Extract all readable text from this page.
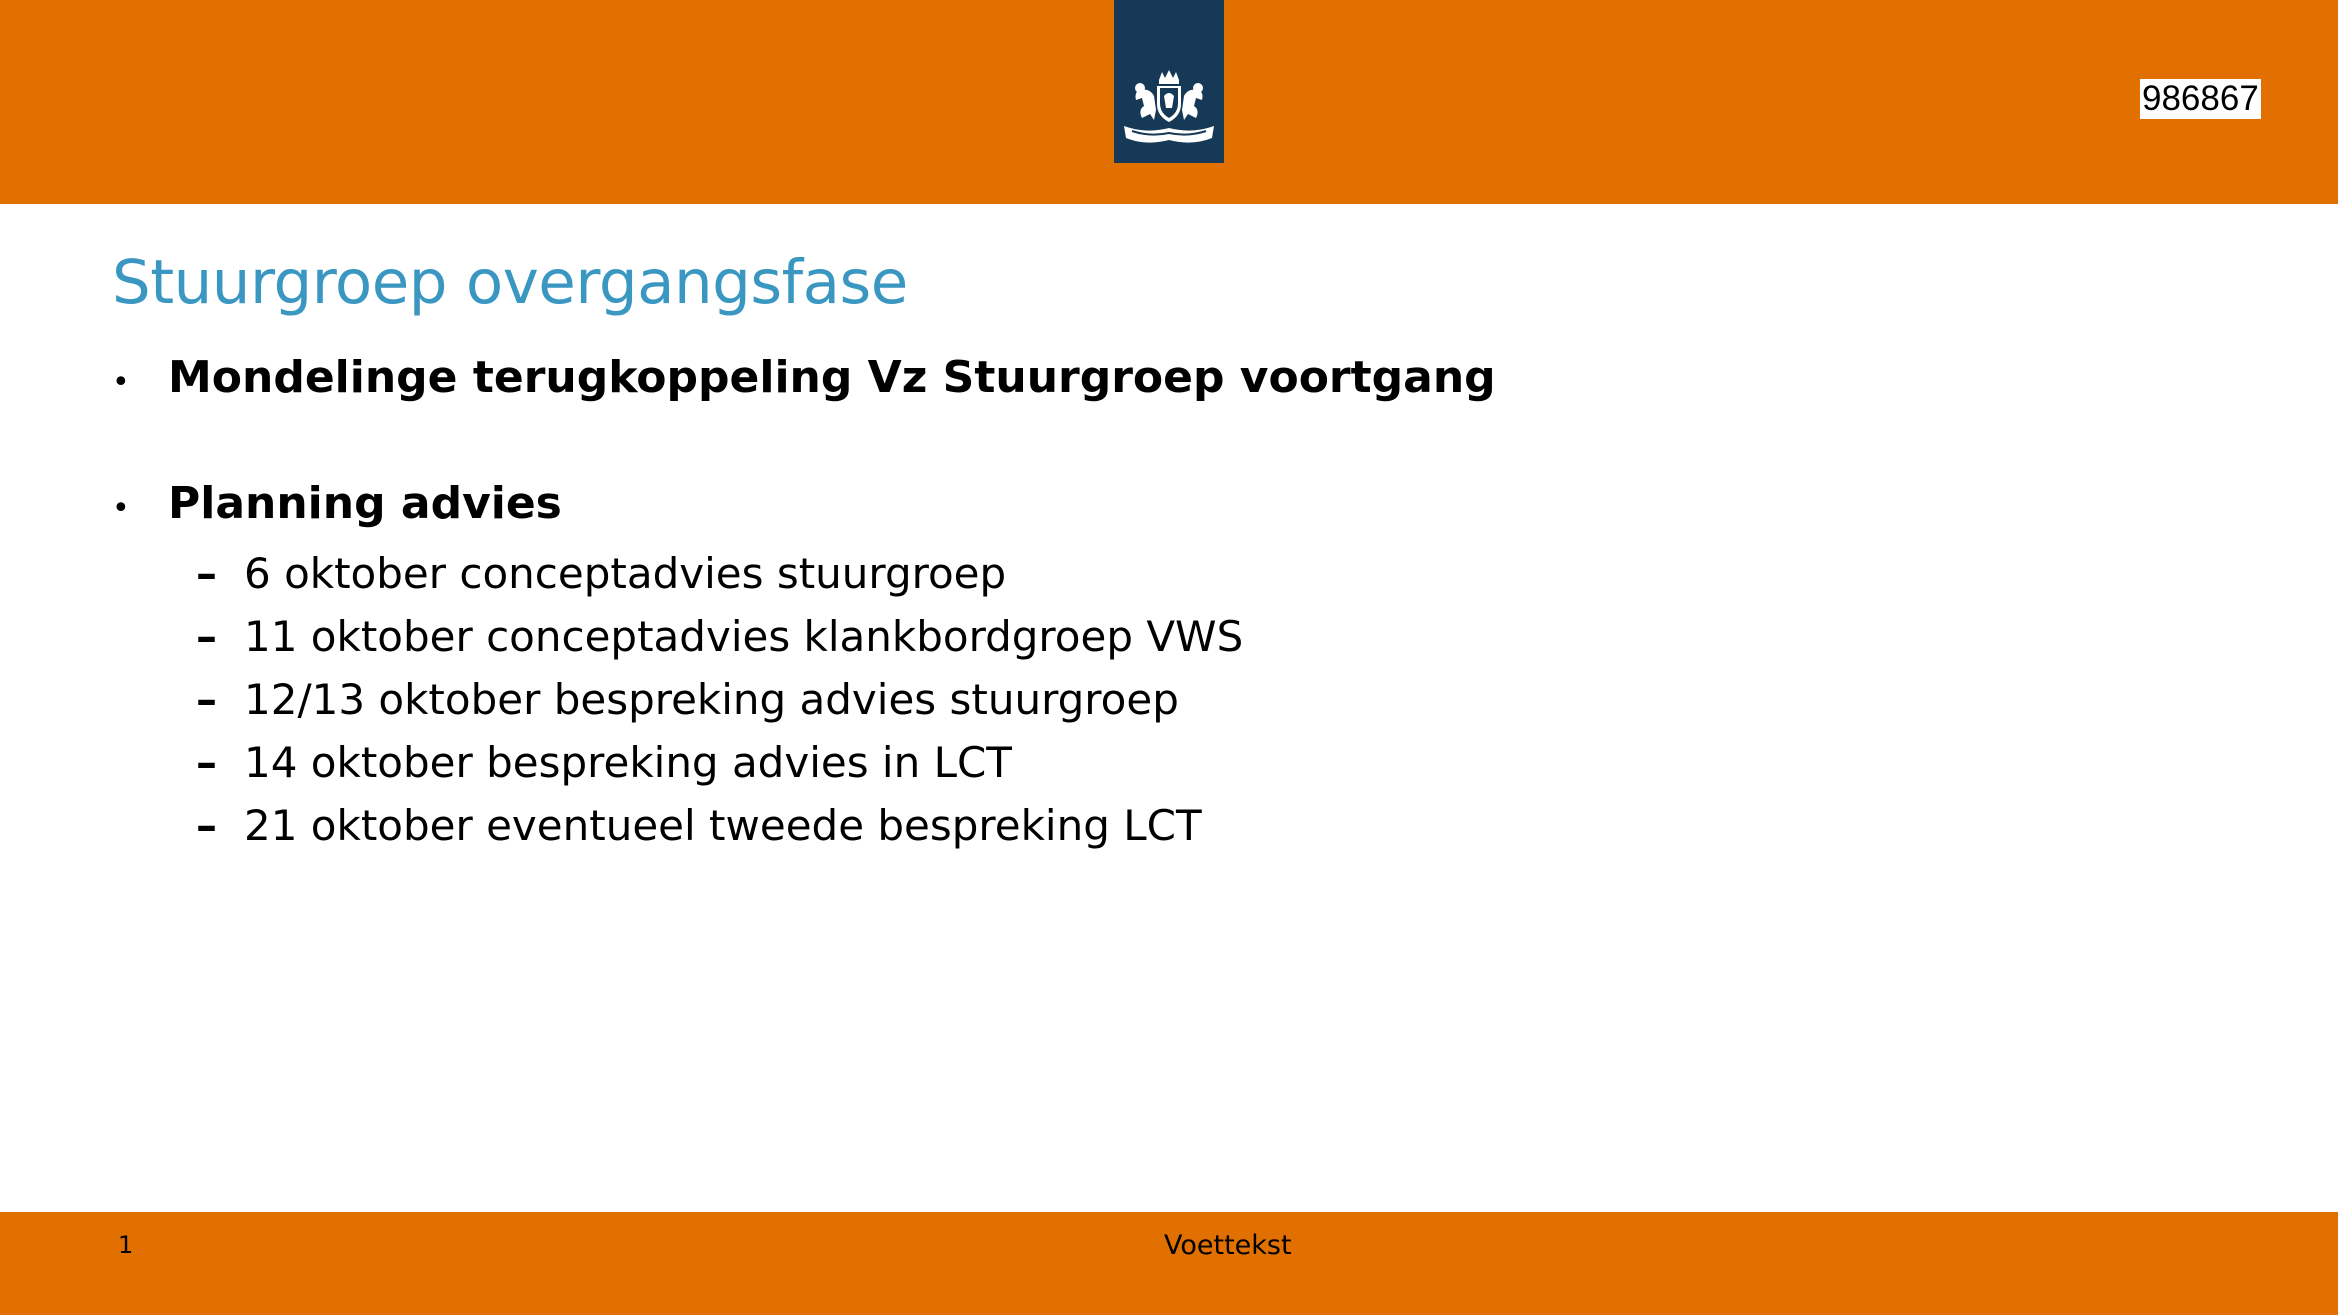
986867
Stuurgroep overgangsfase
• Mondelinge terugkoppeling Vz Stuurgroep voortgang
• Planning advies
– 6 oktober conceptadvies stuurgroep
– 11 oktober conceptadvies klankbordgroep VWS
– 12/13 oktober bespreking advies stuurgroep
– 14 oktober bespreking advies in LCT
– 21 oktober eventueel tweede bespreking LCT
1	Voettekst
